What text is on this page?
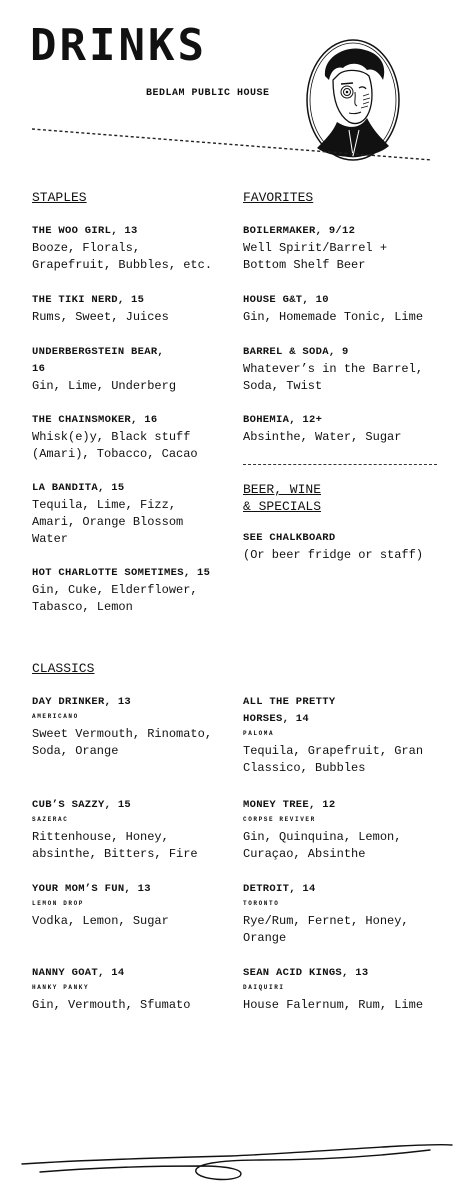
DRINKS
BEDLAM PUBLIC HOUSE

STAPLES

THE WOO GIRL, 13
Booze, Florals, Grapefruit, Bubbles, etc.
THE TIKI NERD, 15
Rums, Sweet, Juices
UNDERBERGSTEIN BEAR, 16
Gin, Lime, Underberg
THE CHAINSMOKER, 16
Whisk(e)y, Black stuff (Amari), Tobacco, Cacao
LA BANDITA, 15
Tequila, Lime, Fizz, Amari, Orange Blossom Water
HOT CHARLOTTE SOMETIMES, 15
Gin, Cuke, Elderflower, Tabasco, Lemon

FAVORITES

BOILERMAKER, 9/12
Well Spirit/Barrel + Bottom Shelf Beer
HOUSE G&T, 10
Gin, Homemade Tonic, Lime
BARREL & SODA, 9
Whatever’s in the Barrel, Soda, Twist
BOHEMIA, 12+
Absinthe, Water, Sugar
BEER, WINE
& SPECIALS
SEE CHALKBOARD
(Or beer fridge or staff)
CLASSICS
DAY DRINKER, 13
AMERICANO
Sweet Vermouth, Rinomato, Soda, Orange
CUB’S SAZZY, 15
SAZERAC
Rittenhouse, Honey, absinthe, Bitters, Fire
YOUR MOM’S FUN, 13
LEMON DROP
Vodka, Lemon, Sugar
NANNY GOAT, 14
HANKY PANKY
Gin, Vermouth, Sfumato
ALL THE PRETTY HORSES, 14
PALOMA
Tequila, Grapefruit, Gran Classico, Bubbles
MONEY TREE, 12
CORPSE REVIVER
Gin, Quinquina, Lemon, Curaçao, Absinthe
DETROIT, 14
TORONTO
Rye/Rum, Fernet, Honey, Orange
SEAN ACID KINGS, 13
DAIQUIRI
House Falernum, Rum, Lime
